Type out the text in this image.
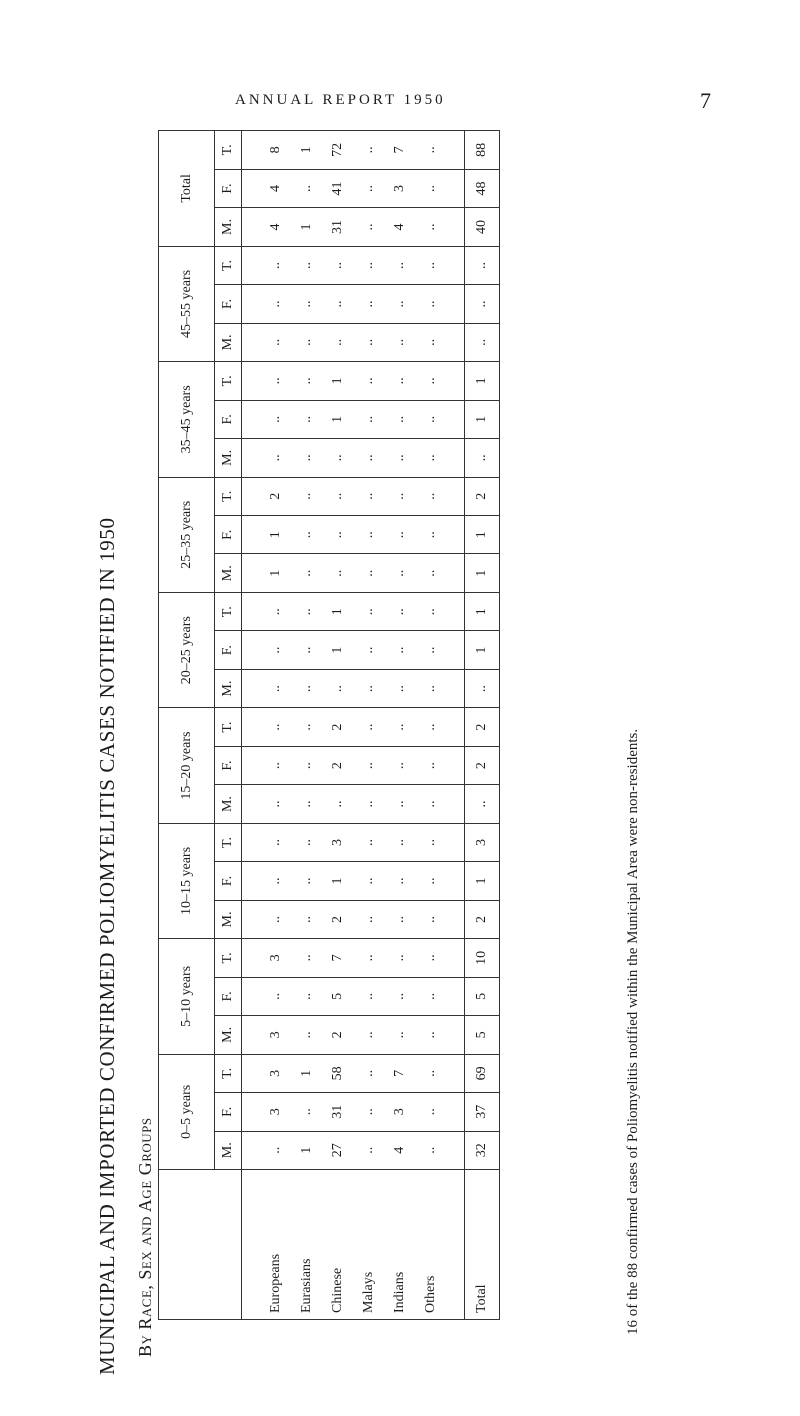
ANNUAL REPORT 1950	7
MUNICIPAL AND IMPORTED CONFIRMED POLIOMYELITIS CASES NOTIFIED IN 1950 By Race, Sex and Age Groups
	0–5 years			5–10 years			10–15 years			15–20 years			20–25 years			25–35 years			35–45 years			45–55 years			Total		
	M.	F.	T.	M.	F.	T.	M.	F.	T.	M.	F.	T.	M.	F.	T.	M.	F.	T.	M.	F.	T.	M.	F.	T.	M.	F.	T.

Europeans	..	3	3	3	..	3	..	..	..	..	..	..	..	..	..	1	1	2	..	..	..	..	..	..	4	4	8
Eurasians	1	..	1	..	..	..	..	..	..	..	..	..	..	..	..	..	..	..	..	..	..	..	..	..	1	..	1
Chinese	27	31	58	2	5	7	2	1	3	..	2	2	..	1	1	..	..	..	..	1	1	..	..	..	31	41	72
Malays	..	..	..	..	..	..	..	..	..	..	..	..	..	..	..	..	..	..	..	..	..	..	..	..	..	..	..
Indians	4	3	7	..	..	..	..	..	..	..	..	..	..	..	..	..	..	..	..	..	..	..	..	..	4	3	7
Others	..	..	..	..	..	..	..	..	..	..	..	..	..	..	..	..	..	..	..	..	..	..	..	..	..	..	..

Total	32	37	69	5	5	10	2	1	3	..	2	2	..	1	1	1	1	2	..	1	1	..	..	..	40	48	88
16 of the 88 confirmed cases of Poliomyelitis notified within the Municipal Area were non-residents.
